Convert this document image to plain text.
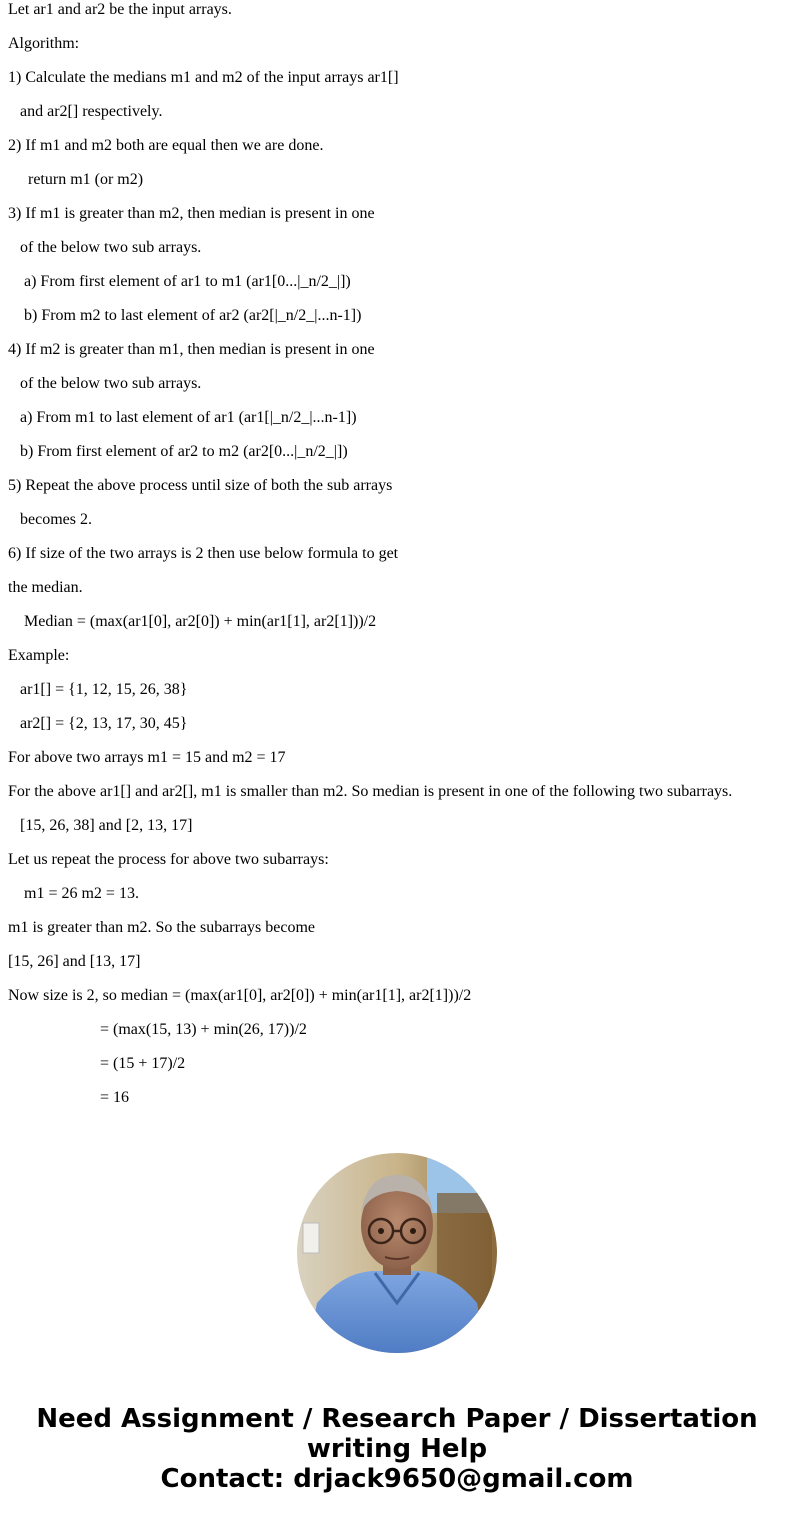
Let ar1 and ar2 be the input arrays.
Algorithm:
1) Calculate the medians m1 and m2 of the input arrays ar1[]
and ar2[] respectively.
2) If m1 and m2 both are equal then we are done.
return m1 (or m2)
3) If m1 is greater than m2, then median is present in one
of the below two sub arrays.
a) From first element of ar1 to m1 (ar1[0...|_n/2_|])
b) From m2 to last element of ar2 (ar2[|_n/2_|...n-1])
4) If m2 is greater than m1, then median is present in one
of the below two sub arrays.
a) From m1 to last element of ar1 (ar1[|_n/2_|...n-1])
b) From first element of ar2 to m2 (ar2[0...|_n/2_|])
5) Repeat the above process until size of both the sub arrays
becomes 2.
6) If size of the two arrays is 2 then use below formula to get
the median.
Median = (max(ar1[0], ar2[0]) + min(ar1[1], ar2[1]))/2
Example:
ar1[] = {1, 12, 15, 26, 38}
ar2[] = {2, 13, 17, 30, 45}
For above two arrays m1 = 15 and m2 = 17
For the above ar1[] and ar2[], m1 is smaller than m2. So median is present in one of the following two subarrays.
[15, 26, 38] and [2, 13, 17]
Let us repeat the process for above two subarrays:
m1 = 26 m2 = 13.
m1 is greater than m2. So the subarrays become
[15, 26] and [13, 17]
Now size is 2, so median = (max(ar1[0], ar2[0]) + min(ar1[1], ar2[1]))/2
= (max(15, 13) + min(26, 17))/2
= (15 + 17)/2
= 16
Need Assignment / Research Paper / Dissertation
writing Help
Contact: drjack9650@gmail.com
